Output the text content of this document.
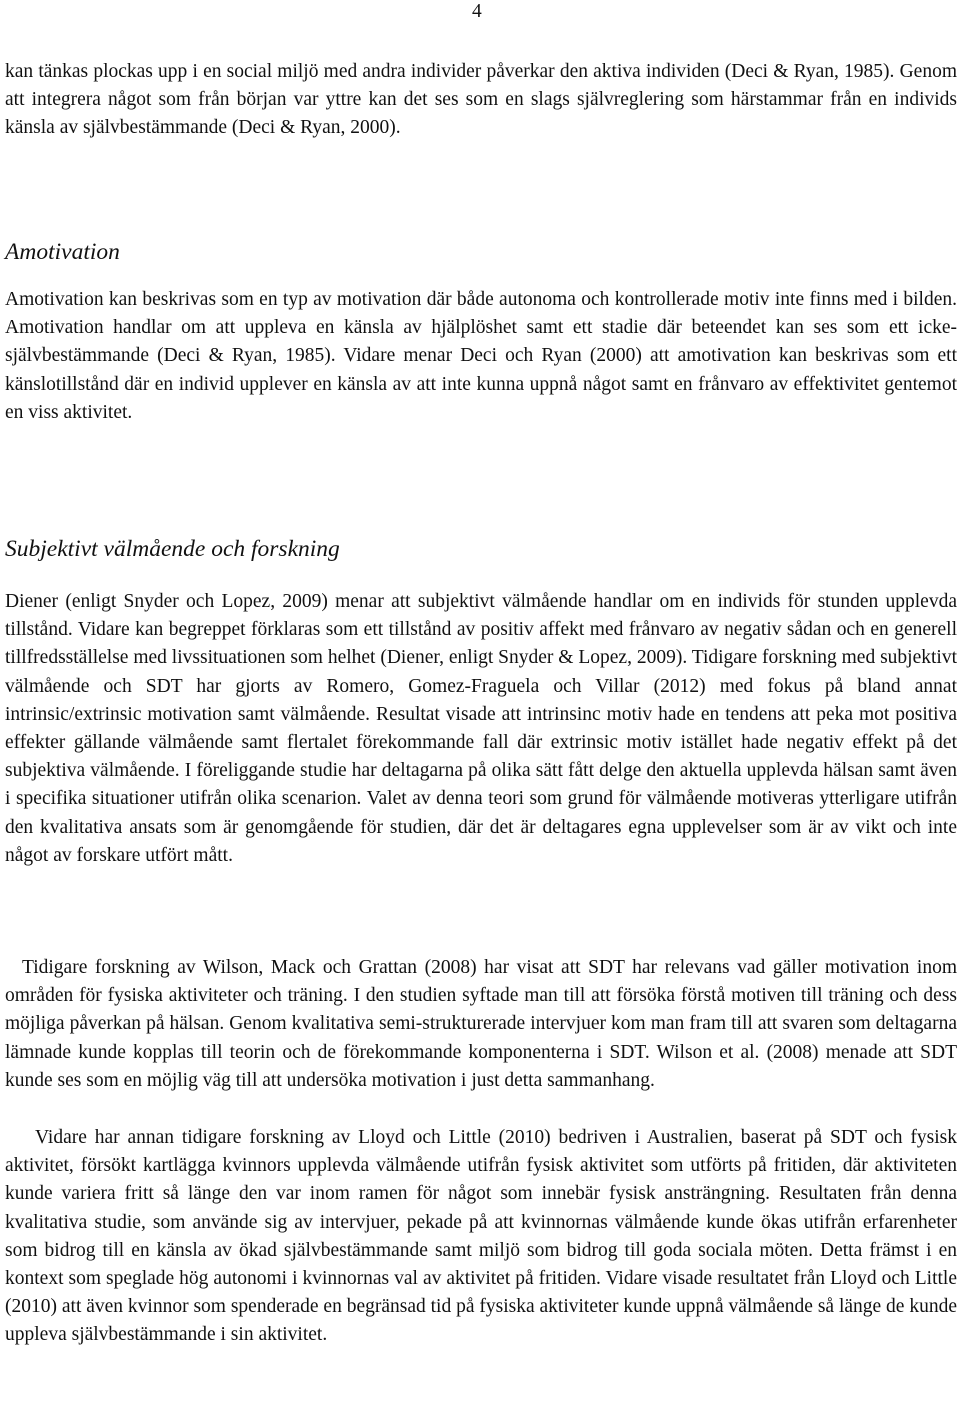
4

kan tänkas plockas upp i en social miljö med andra individer påverkar den aktiva individen (Deci & Ryan, 1985). Genom att integrera något som från början var yttre kan det ses som en slags självreglering som härstammar från en individs känsla av självbestämmande (Deci & Ryan, 2000).

Amotivation

Amotivation kan beskrivas som en typ av motivation där både autonoma och kontrollerade motiv inte finns med i bilden. Amotivation handlar om att uppleva en känsla av hjälplöshet samt ett stadie där beteendet kan ses som ett icke-självbestämmande (Deci & Ryan, 1985). Vidare menar Deci och Ryan (2000) att amotivation kan beskrivas som ett känslotillstånd där en individ upplever en känsla av att inte kunna uppnå något samt en frånvaro av effektivitet gentemot en viss aktivitet.

Subjektivt välmående och forskning

Diener (enligt Snyder och Lopez, 2009) menar att subjektivt välmående handlar om en individs för stunden upplevda tillstånd. Vidare kan begreppet förklaras som ett tillstånd av positiv affekt med frånvaro av negativ sådan och en generell tillfredsställelse med livssituationen som helhet (Diener, enligt Snyder & Lopez, 2009). Tidigare forskning med subjektivt välmående och SDT har gjorts av Romero, Gomez-Fraguela och Villar (2012) med fokus på bland annat intrinsic/extrinsic motivation samt välmående. Resultat visade att intrinsinc motiv hade en tendens att peka mot positiva effekter gällande välmående samt flertalet förekommande fall där extrinsic motiv istället hade negativ effekt på det subjektiva välmående. I föreliggande studie har deltagarna på olika sätt fått delge den aktuella upplevda hälsan samt även i specifika situationer utifrån olika scenarion. Valet av denna teori som grund för välmående motiveras ytterligare utifrån den kvalitativa ansats som är genomgående för studien, där det är deltagares egna upplevelser som är av vikt och inte något av forskare utfört mått.

Tidigare forskning av Wilson, Mack och Grattan (2008) har visat att SDT har relevans vad gäller motivation inom områden för fysiska aktiviteter och träning. I den studien syftade man till att försöka förstå motiven till träning och dess möjliga påverkan på hälsan. Genom kvalitativa semi-strukturerade intervjuer kom man fram till att svaren som deltagarna lämnade kunde kopplas till teorin och de förekommande komponenterna i SDT. Wilson et al. (2008) menade att SDT kunde ses som en möjlig väg till att undersöka motivation i just detta sammanhang.

Vidare har annan tidigare forskning av Lloyd och Little (2010) bedriven i Australien, baserat på SDT och fysisk aktivitet, försökt kartlägga kvinnors upplevda välmående utifrån fysisk aktivitet som utförts på fritiden, där aktiviteten kunde variera fritt så länge den var inom ramen för något som innebär fysisk ansträngning. Resultaten från denna kvalitativa studie, som använde sig av intervjuer, pekade på att kvinnornas välmående kunde ökas utifrån erfarenheter som bidrog till en känsla av ökad självbestämmande samt miljö som bidrog till goda sociala möten. Detta främst i en kontext som speglade hög autonomi i kvinnornas val av aktivitet på fritiden. Vidare visade resultatet från Lloyd och Little (2010) att även kvinnor som spenderade en begränsad tid på fysiska aktiviteter kunde uppnå välmående så länge de kunde uppleva självbestämmande i sin aktivitet.
